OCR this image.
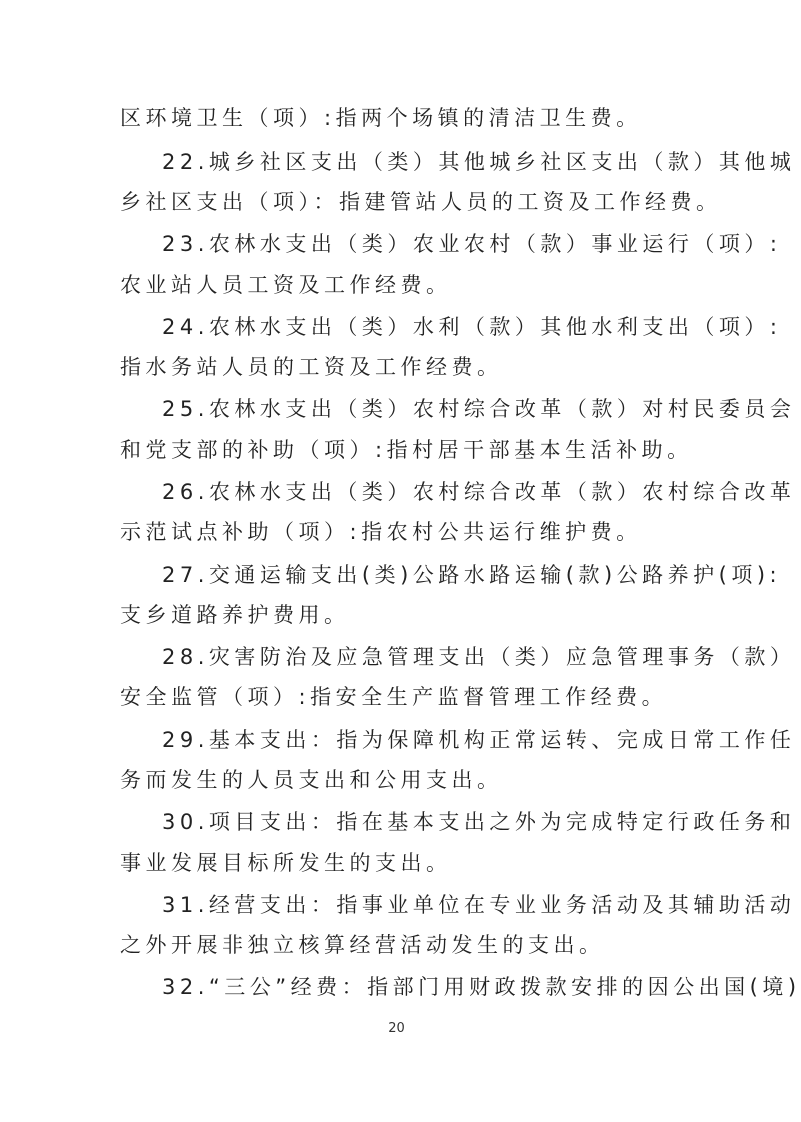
区环境卫生（项）:指两个场镇的清洁卫生费。
22.城乡社区支出（类）其他城乡社区支出（款）其他城
乡社区支出（项）：指建管站人员的工资及工作经费。
23.农林水支出（类）农业农村（款）事业运行（项）:
农业站人员工资及工作经费。
24.农林水支出（类）水利（款）其他水利支出（项）:
指水务站人员的工资及工作经费。
25.农林水支出（类）农村综合改革（款）对村民委员会
和党支部的补助（项）:指村居干部基本生活补助。
26.农林水支出（类）农村综合改革（款）农村综合改革
示范试点补助（项）:指农村公共运行维护费。
27.交通运输支出(类)公路水路运输(款)公路养护(项):
支乡道路养护费用。
28.灾害防治及应急管理支出（类）应急管理事务（款）
安全监管（项）:指安全生产监督管理工作经费。
29.基本支出：指为保障机构正常运转、完成日常工作任
务而发生的人员支出和公用支出。
30.项目支出：指在基本支出之外为完成特定行政任务和
事业发展目标所发生的支出。
31.经营支出：指事业单位在专业业务活动及其辅助活动
之外开展非独立核算经营活动发生的支出。
32.“三公”经费：指部门用财政拨款安排的因公出国(境)
20
